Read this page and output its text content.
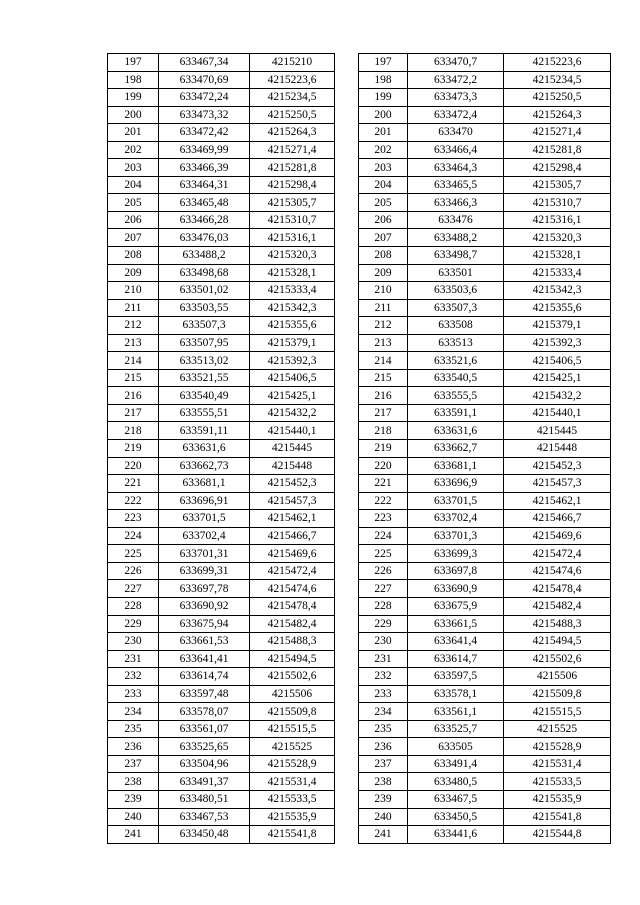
197	633467,34	4215210
198	633470,69	4215223,6
199	633472,24	4215234,5
200	633473,32	4215250,5
201	633472,42	4215264,3
202	633469,99	4215271,4
203	633466,39	4215281,8
204	633464,31	4215298,4
205	633465,48	4215305,7
206	633466,28	4215310,7
207	633476,03	4215316,1
208	633488,2	4215320,3
209	633498,68	4215328,1
210	633501,02	4215333,4
211	633503,55	4215342,3
212	633507,3	4215355,6
213	633507,95	4215379,1
214	633513,02	4215392,3
215	633521,55	4215406,5
216	633540,49	4215425,1
217	633555,51	4215432,2
218	633591,11	4215440,1
219	633631,6	4215445
220	633662,73	4215448
221	633681,1	4215452,3
222	633696,91	4215457,3
223	633701,5	4215462,1
224	633702,4	4215466,7
225	633701,31	4215469,6
226	633699,31	4215472,4
227	633697,78	4215474,6
228	633690,92	4215478,4
229	633675,94	4215482,4
230	633661,53	4215488,3
231	633641,41	4215494,5
232	633614,74	4215502,6
233	633597,48	4215506
234	633578,07	4215509,8
235	633561,07	4215515,5
236	633525,65	4215525
237	633504,96	4215528,9
238	633491,37	4215531,4
239	633480,51	4215533,5
240	633467,53	4215535,9
241	633450,48	4215541,8
197	633470,7	4215223,6
198	633472,2	4215234,5
199	633473,3	4215250,5
200	633472,4	4215264,3
201	633470	4215271,4
202	633466,4	4215281,8
203	633464,3	4215298,4
204	633465,5	4215305,7
205	633466,3	4215310,7
206	633476	4215316,1
207	633488,2	4215320,3
208	633498,7	4215328,1
209	633501	4215333,4
210	633503,6	4215342,3
211	633507,3	4215355,6
212	633508	4215379,1
213	633513	4215392,3
214	633521,6	4215406,5
215	633540,5	4215425,1
216	633555,5	4215432,2
217	633591,1	4215440,1
218	633631,6	4215445
219	633662,7	4215448
220	633681,1	4215452,3
221	633696,9	4215457,3
222	633701,5	4215462,1
223	633702,4	4215466,7
224	633701,3	4215469,6
225	633699,3	4215472,4
226	633697,8	4215474,6
227	633690,9	4215478,4
228	633675,9	4215482,4
229	633661,5	4215488,3
230	633641,4	4215494,5
231	633614,7	4215502,6
232	633597,5	4215506
233	633578,1	4215509,8
234	633561,1	4215515,5
235	633525,7	4215525
236	633505	4215528,9
237	633491,4	4215531,4
238	633480,5	4215533,5
239	633467,5	4215535,9
240	633450,5	4215541,8
241	633441,6	4215544,8
